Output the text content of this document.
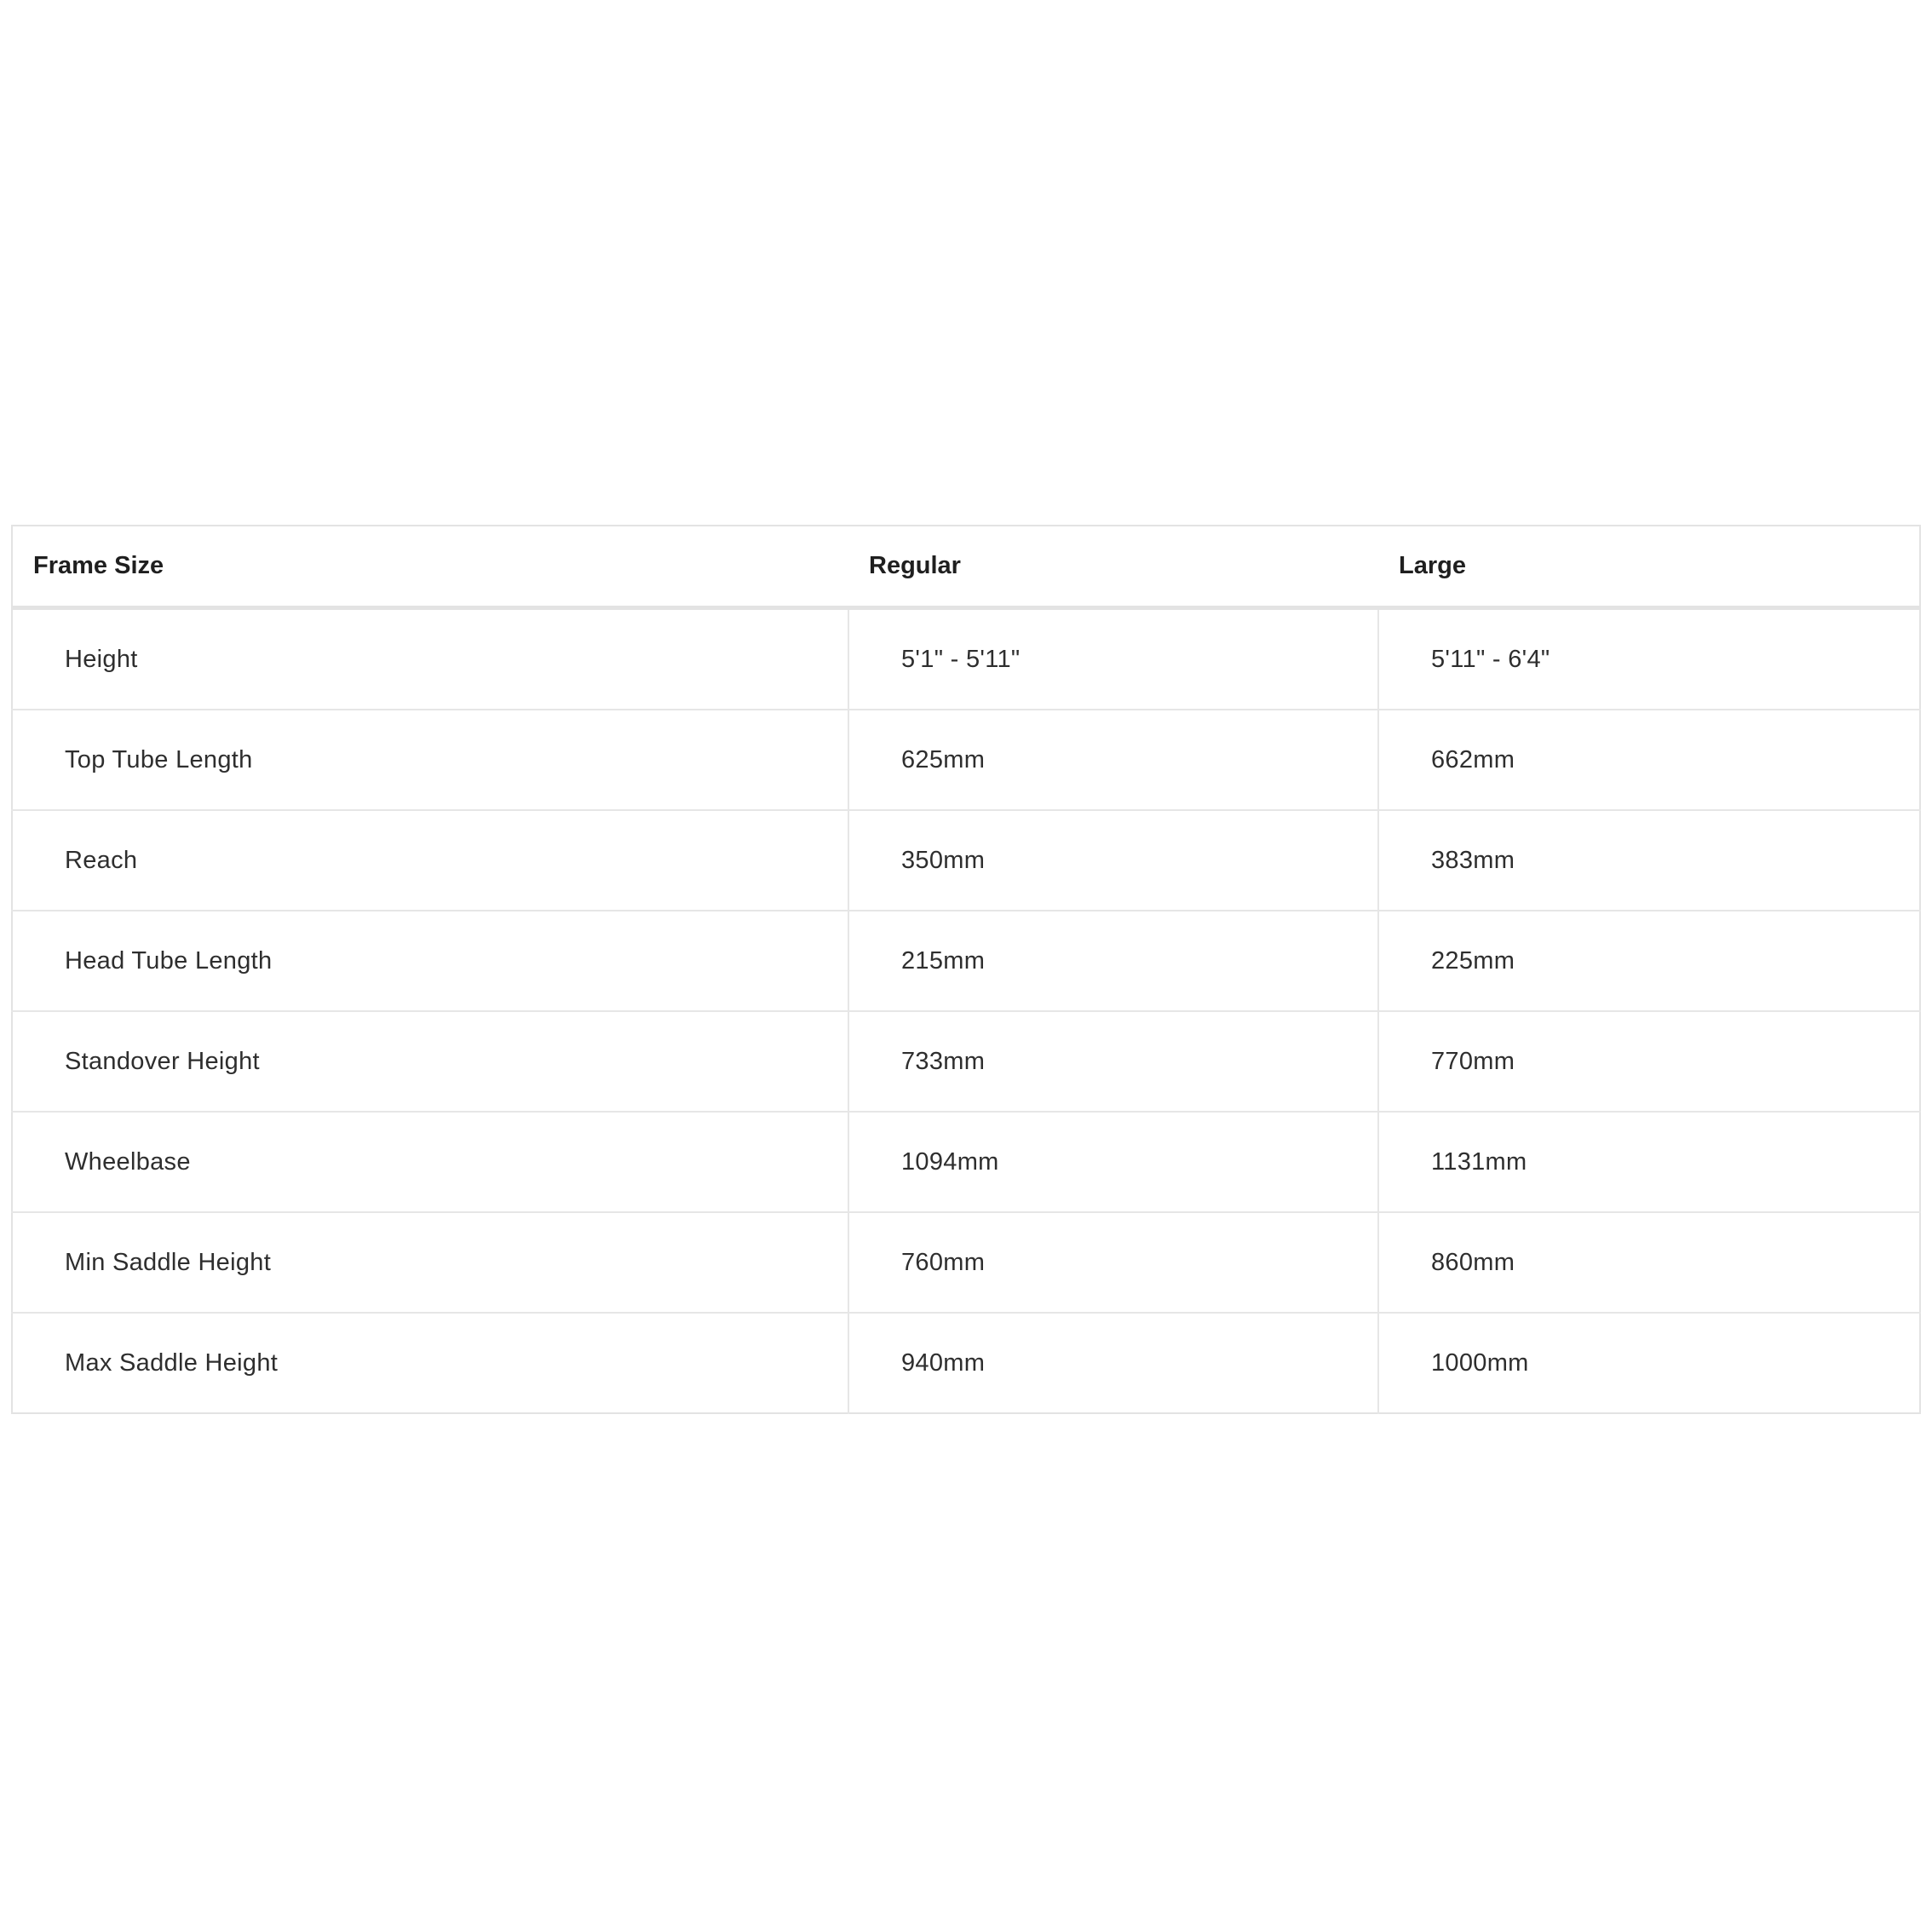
Frame Size	Regular	Large
Height	5'1" - 5'11"	5'11" - 6'4"
Top Tube Length	625mm	662mm
Reach	350mm	383mm
Head Tube Length	215mm	225mm
Standover Height	733mm	770mm
Wheelbase	1094mm	1131mm
Min Saddle Height	760mm	860mm
Max Saddle Height	940mm	1000mm
